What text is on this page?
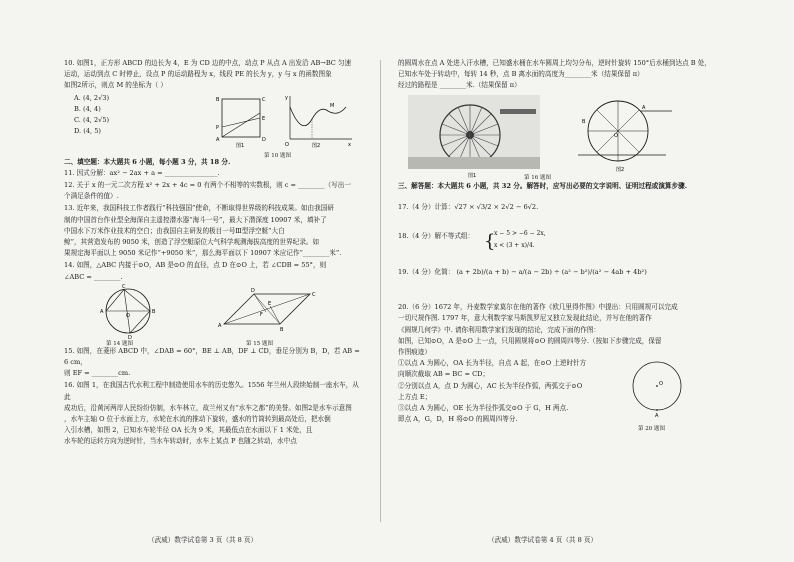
10. 如图1，正方形 ABCD 的边长为 4，E 为 CD 边的中点，动点 P 从点 A 出发沿 AB→BC 匀速

运动，运动到点 C 时停止，设点 P 的运动路程为 x，线段 PE 的长为 y，y 与 x 的函数图象

如图2所示，则点 M 的坐标为（ ）

A. (4, 2√3)

B. (4, 4)

C. (4, 2√5)

D. (4, 5)

B	C
E
P
A	D
图1
y
x
M
O	图2
第 10 题图

二、填空题：本大题共 6 小题，每小题 3 分，共 18 分.

11. 因式分解：ax² − 2ax + a = ________________.

12. 关于 x 的一元二次方程 x² + 2x + 4c = 0 有两个不相等的实数根，则 c = ________（写出一

个满足条件的值）.

13. 近年来，我国科技工作者践行“科技强国”使命，不断取得世界级的科技成果。如由我国研

制的中国首台作业型全海深自主遥控潜水器“海斗一号”，最大下潜深度 10907 米，填补了

中国水下万米作业技术的空白；由我国自主研发的极目一号Ⅲ型浮空艇“大白

鲸”，其营造发布的 9050 米，创造了浮空艇原位大气科学观测海拔高度的世界纪录。如

果规定海平面以上 9050 米记作“+9050 米”，那么海平面以下 10907 米应记作“________米”.

14. 如图，△ABC 内接于⊙O，AB 是⊙O 的直径，点 D 在⊙O 上，若 ∠CDB = 55°，则

∠ABC = ________.

A	B
C
D
O
A
D
C
B
E
F
第 14 题图	第 15 题图

15. 如图，在菱形 ABCD 中，∠DAB = 60°，BE ⊥ AB，DF ⊥ CD，垂足分别为 B，D，若 AB = 6 cm，

则 EF = ________cm.

16. 如图 1，在我国古代水利工程中制造使用水车的历史悠久。1556 年兰州人段续始制一座水车，从此

成功后，沿黄河两岸人民纷纷仿制，水车林立，故兰州又有“水车之都”的美誉。如图2是水车示意图

，水车主轴 O 位于水面上方，水轮在水流的推动下旋转，盛水的竹筒转到最高处后，把水倒

入引水槽，如图 2，已知水车轮半径 OA 长为 9 米，其最低点在水面以下 1 米处，且

水车轮的运转方向为逆时针，当水车转动时，水车上某点 P 也随之转动，水中点

的圆周水在点 A 处进入汗水槽，已知盛水桶在水车圆周上均匀分布，逆时针旋转 150°后水桶到达点 B 处，

已知水车处于转动中，每转 14 秒，点 B 离水面的高度为________米（结果保留 π）

经过的路程是 ________米.（结果保留 π）

图1
O
A
B
图2
第 16 题图

三、解答题：本大题共 6 小题，共 32 分。解答时，应写出必要的文字说明、证明过程或演算步骤.

17.（4 分）计算：√27 × √3/2 × 2√2 − 6√2.

18.（4 分）解不等式组： {
x − 5 > −6 − 2x,
x < (3 + x)/4.
19.（4 分）化简： (a + 2b)/(a + b) − a/(a − 2b) ÷ (a² − b²)/(a² − 4ab + 4b²)

20.（6 分）1672 年，丹麦数学家莫尔在他的著作《欧几里得作图》中提出：只用圆规可以完成

一切尺规作图. 1797 年，意大利数学家马斯凯罗尼又独立发现此结论，并写在他的著作

《圆规几何学》中. 请你利用数学家们发现的结论，完成下面的作图：

如图，已知⊙O，A 是⊙O 上一点，只用圆规将⊙O 的圆周四等分.（按如下步骤完成，保留

作图痕迹）

①以点 A 为圆心，OA 长为半径，自点 A 起，在⊙O 上逆时针方

向顺次截取 AB = BC = CD；

②分别以点 A，点 D 为圆心，AC 长为半径作弧，两弧交于⊙O

上方点 E；

③以点 A 为圆心，OE 长为半径作弧交⊙O 于 G，H 两点.

即点 A，G，D，H 将⊙O 的圆周四等分.

O
A
第 20 题图
（武威）数学试卷第 3 页（共 8 页）	（武威）数学试卷第 4 页（共 8 页）
